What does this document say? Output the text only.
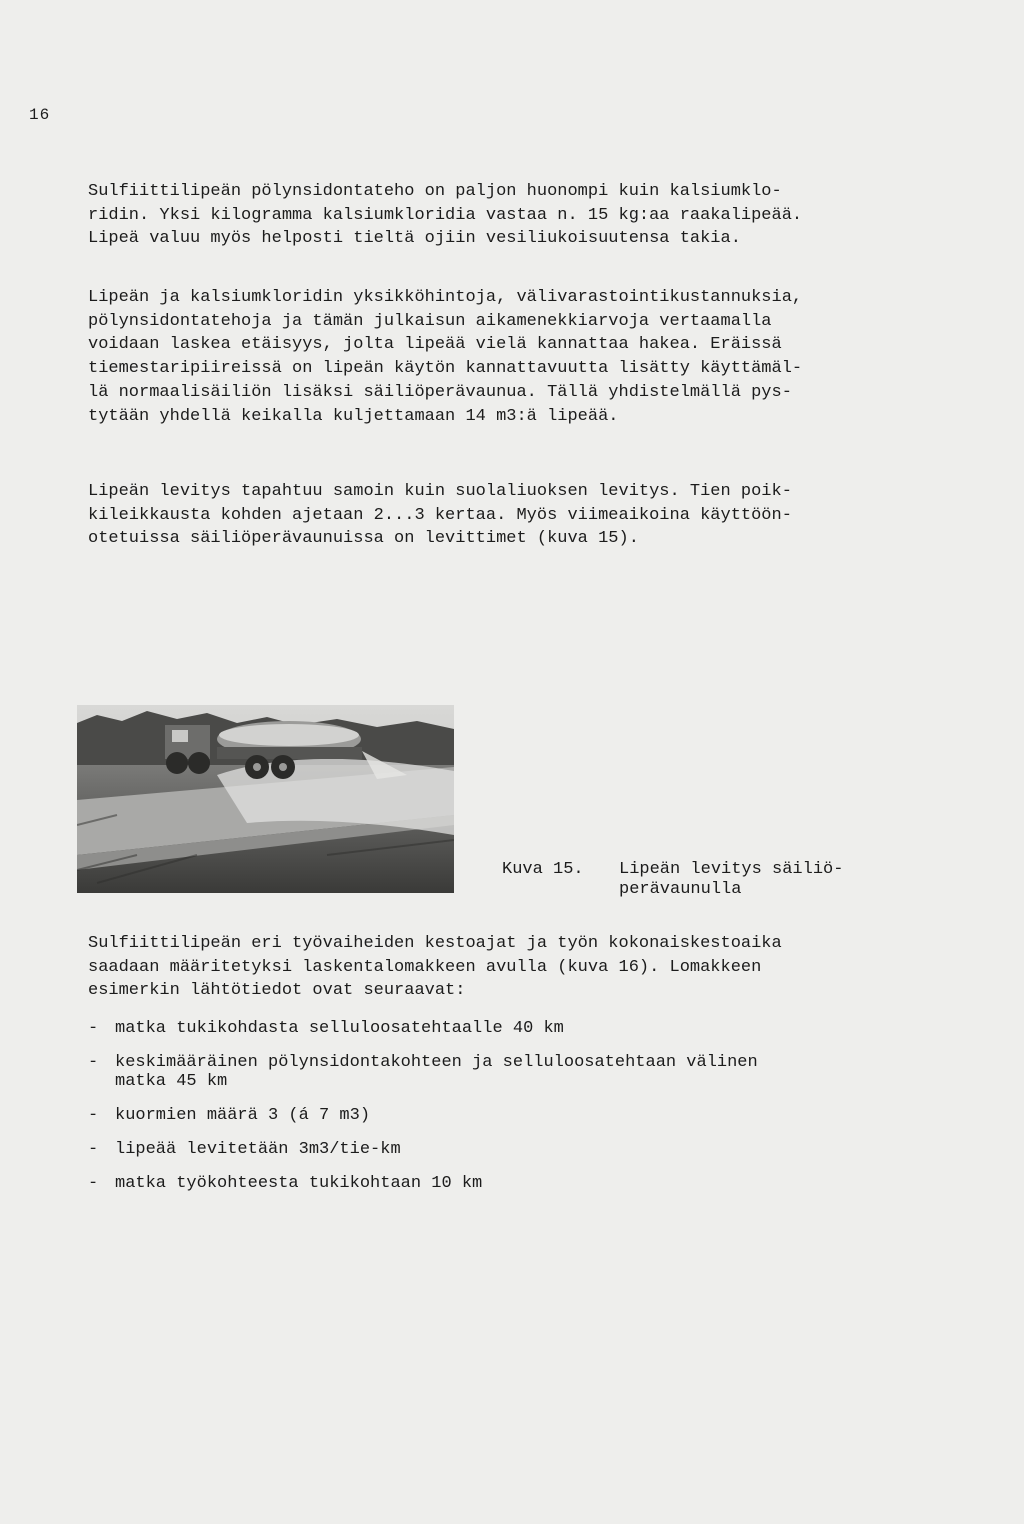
16

Sulfiittilipeän pölynsidontateho on paljon huonompi kuin kalsiumklo-
ridin. Yksi kilogramma kalsiumkloridia vastaa n. 15 kg:aa raakalipeää.
Lipeä valuu myös helposti tieltä ojiin vesiliukoisuutensa takia.

Lipeän ja kalsiumkloridin yksikköhintoja, välivarastointikustannuksia,
pölynsidontatehoja ja tämän julkaisun aikamenekkiarvoja vertaamalla
voidaan laskea etäisyys, jolta lipeää vielä kannattaa hakea. Eräissä
tiemestaripiireissä on lipeän käytön kannattavuutta lisätty käyttämäl-
lä normaalisäiliön lisäksi säiliöperävaunua. Tällä yhdistelmällä pys-
tytään yhdellä keikalla kuljettamaan 14 m3:ä lipeää.

Lipeän levitys tapahtuu samoin kuin suolaliuoksen levitys. Tien poik-
kileikkausta kohden ajetaan 2...3 kertaa. Myös viimeaikoina käyttöön-
otetuissa säiliöperävaunuissa on levittimet (kuva 15).

Kuva 15. Lipeän levitys säiliö-
perävaunulla

Sulfiittilipeän eri työvaiheiden kestoajat ja työn kokonaiskestoaika
saadaan määritetyksi laskentalomakkeen avulla (kuva 16). Lomakkeen
esimerkin lähtötiedot ovat seuraavat:

- matka tukikohdasta selluloosatehtaalle 40 km
- keskimääräinen pölynsidontakohteen ja selluloosatehtaan välinen
matka 45 km
- kuormien määrä 3 (á 7 m3)
- lipeää levitetään 3m3/tie-km
- matka työkohteesta tukikohtaan 10 km
